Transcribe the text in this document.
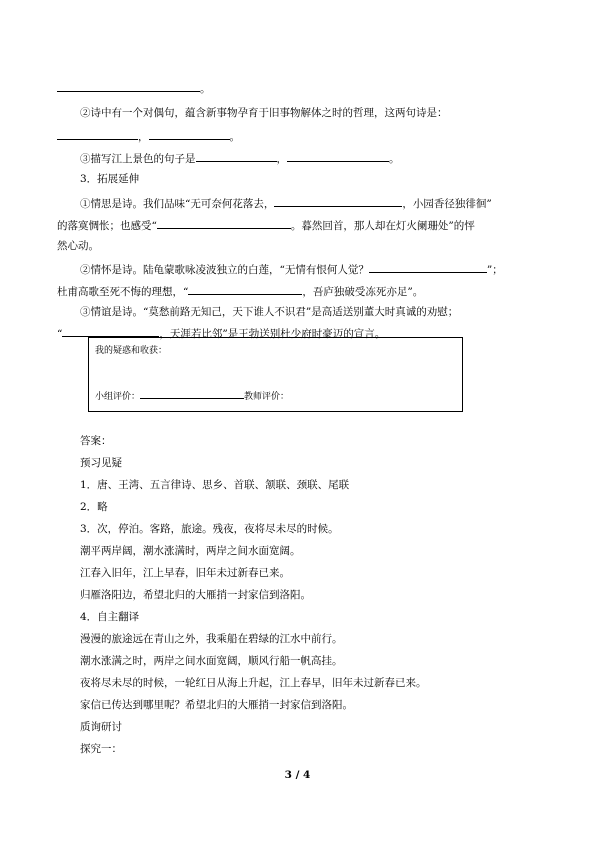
。
②诗中有一个对偶句，蕴含新事物孕育于旧事物解体之时的哲理，这两句诗是：
，	。
③描写江上景色的句子是	，	。
3．拓展延伸
①情思是诗。我们品味“无可奈何花落去，	，小园香径独徘徊”
的落寞惆怅；也感受“	。暮然回首，那人却在灯火阑珊处”的怦
然心动。
②情怀是诗。陆龟蒙歌咏凌波独立的白莲，“无情有恨何人觉？	”；
杜甫高歌至死不悔的理想，“	，吾庐独破受冻死亦足”。
③情谊是诗。“莫愁前路无知己，天下谁人不识君”是高适送别董大时真诚的劝慰；
“	，天涯若比邻”是王勃送别杜少府时豪迈的宣言。
我的疑惑和收获：
小组评价：	教师评价：
答案：
预习见疑
1．唐、王湾、五言律诗、思乡、首联、颔联、颈联、尾联
2．略
3．次，停泊。客路，旅途。残夜，夜将尽未尽的时候。
潮平两岸阔，潮水涨满时，两岸之间水面宽阔。
江春入旧年，江上早春，旧年未过新春已来。
归雁洛阳边，希望北归的大雁捎一封家信到洛阳。
4．自主翻译
漫漫的旅途远在青山之外，我乘船在碧绿的江水中前行。
潮水涨满之时，两岸之间水面宽阔，顺风行船一帆高挂。
夜将尽未尽的时候，一轮红日从海上升起，江上春早，旧年未过新春已来。
家信已传达到哪里呢？希望北归的大雁捎一封家信到洛阳。
质询研讨
探究一：
3 / 4
